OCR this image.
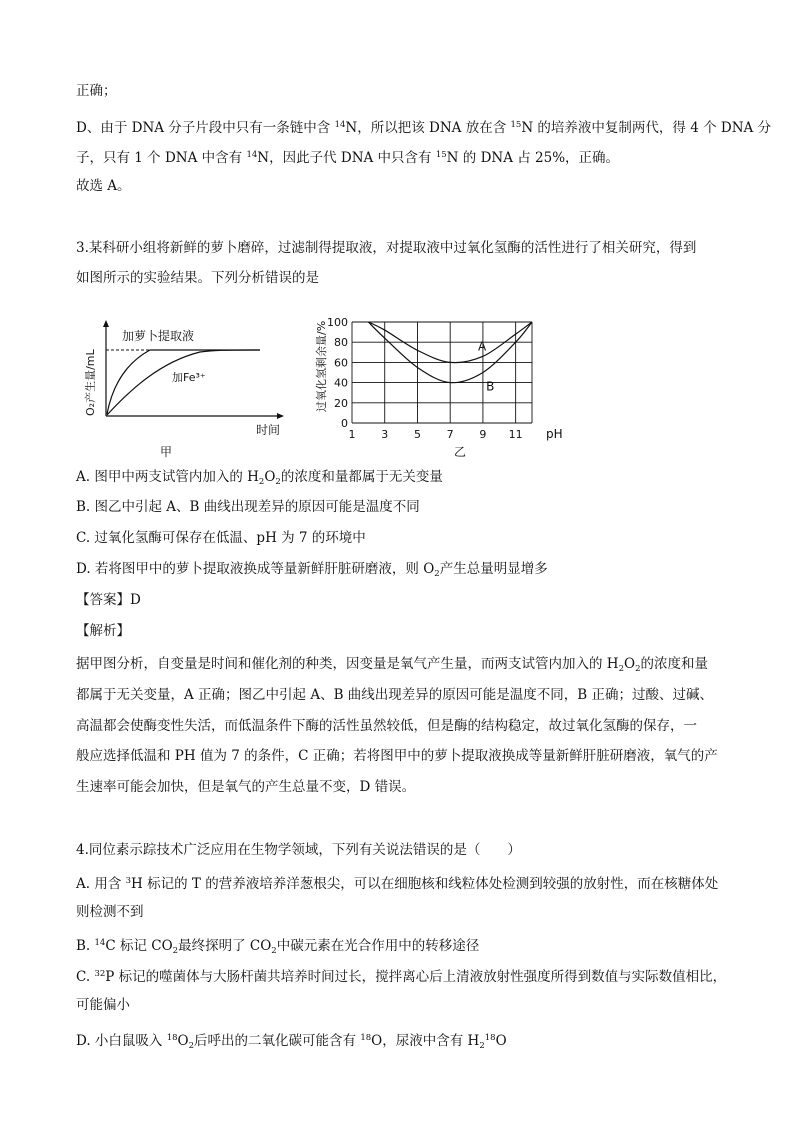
正确；
D、由于 DNA 分子片段中只有一条链中含 $^{14}$N，所以把该 DNA 放在含 $^{15}$N 的培养液中复制两代，得 4 个 DNA 分
子，只有 1 个 DNA 中含有 $^{14}$N，因此子代 DNA 中只含有 $^{15}$N 的 DNA 占 25%，正确。
故选 A。
3.某科研小组将新鲜的萝卜磨碎，过滤制得提取液，对提取液中过氧化氢酶的活性进行了相关研究，得到
如图所示的实验结果。下列分析错误的是
加萝卜提取液
加Fe³⁺
O₂产生量/mL
时间
甲
A
B
1 3 5 7 9 11
0
20
40
60
80
100
过氧化氢剩余量/%
pH
乙
A. 图甲中两支试管内加入的 $H_2O_2$的浓度和量都属于无关变量
B. 图乙中引起 A、B 曲线出现差异的原因可能是温度不同
C. 过氧化氢酶可保存在低温、pH 为 7 的环境中
D. 若将图甲中的萝卜提取液换成等量新鲜肝脏研磨液，则 $O_2$产生总量明显增多
【答案】D
【解析】
据甲图分析，自变量是时间和催化剂的种类，因变量是氧气产生量，而两支试管内加入的 $H_2O_2$的浓度和量
都属于无关变量，A 正确；图乙中引起 A、B 曲线出现差异的原因可能是温度不同，B 正确；过酸、过碱、
高温都会使酶变性失活，而低温条件下酶的活性虽然较低，但是酶的结构稳定，故过氧化氢酶的保存，一
般应选择低温和 PH 值为 7 的条件，C 正确；若将图甲中的萝卜提取液换成等量新鲜肝脏研磨液，氧气的产
生速率可能会加快，但是氧气的产生总量不变，D 错误。
4.同位素示踪技术广泛应用在生物学领域，下列有关说法错误的是（　　）
A. 用含 $^3$H 标记的 T 的营养液培养洋葱根尖，可以在细胞核和线粒体处检测到较强的放射性，而在核糖体处
则检测不到
B. $^{14}$C 标记 $CO_2$最终探明了 $CO_2$中碳元素在光合作用中的转移途径
C. $^{32}$P 标记的噬菌体与大肠杆菌共培养时间过长，搅拌离心后上清液放射性强度所得到数值与实际数值相比，
可能偏小
D. 小白鼠吸入 $^{18}O_2$后呼出的二氧化碳可能含有 $^{18}$O，尿液中含有 $H_2^{18}O$
